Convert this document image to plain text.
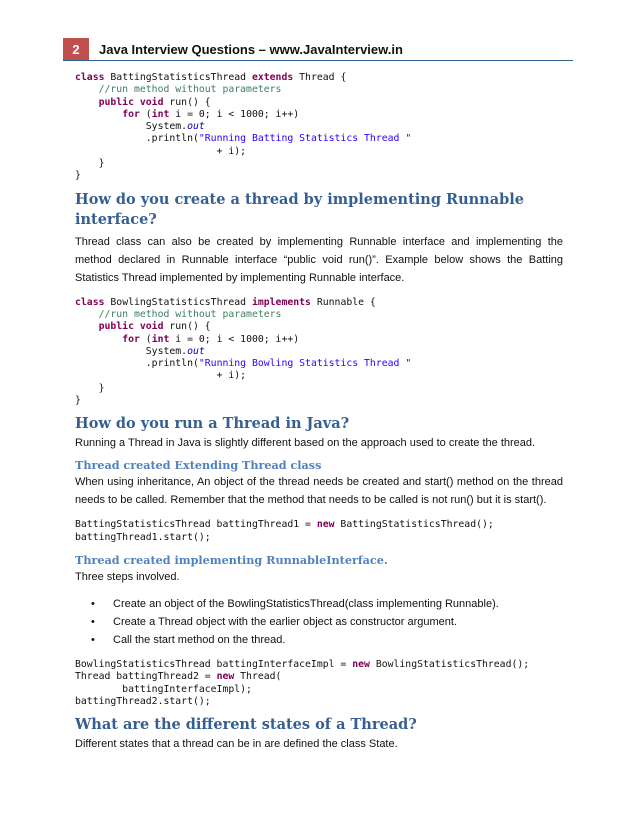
2	Java Interview Questions – www.JavaInterview.in
class BattingStatisticsThread extends Thread {
//run method without parameters
public void run() {
for (int i = 0; i < 1000; i++)
System.out
.println("Running Batting Statistics Thread "
+ i);
}
}
How do you create a thread by implementing Runnable interface?

Thread class can also be created by implementing Runnable interface and implementing the method declared in Runnable interface “public void run()”. Example below shows the Batting Statistics Thread implemented by implementing Runnable interface.

class BowlingStatisticsThread implements Runnable {
//run method without parameters
public void run() {
for (int i = 0; i < 1000; i++)
System.out
.println("Running Bowling Statistics Thread "
+ i);
}
}
How do you run a Thread in Java?

Running a Thread in Java is slightly different based on the approach used to create the thread.

Thread created Extending Thread class

When using inheritance, An object of the thread needs be created and start() method on the thread needs to be called. Remember that the method that needs to be called is not run() but it is start().

BattingStatisticsThread battingThread1 = new BattingStatisticsThread();
battingThread1.start();
Thread created implementing RunnableInterface.

Three steps involved.

• Create an object of the BowlingStatisticsThread(class implementing Runnable).
• Create a Thread object with the earlier object as constructor argument.
• Call the start method on the thread.
BowlingStatisticsThread battingInterfaceImpl = new BowlingStatisticsThread();
Thread battingThread2 = new Thread(
battingInterfaceImpl);
battingThread2.start();
What are the different states of a Thread?

Different states that a thread can be in are defined the class State.
